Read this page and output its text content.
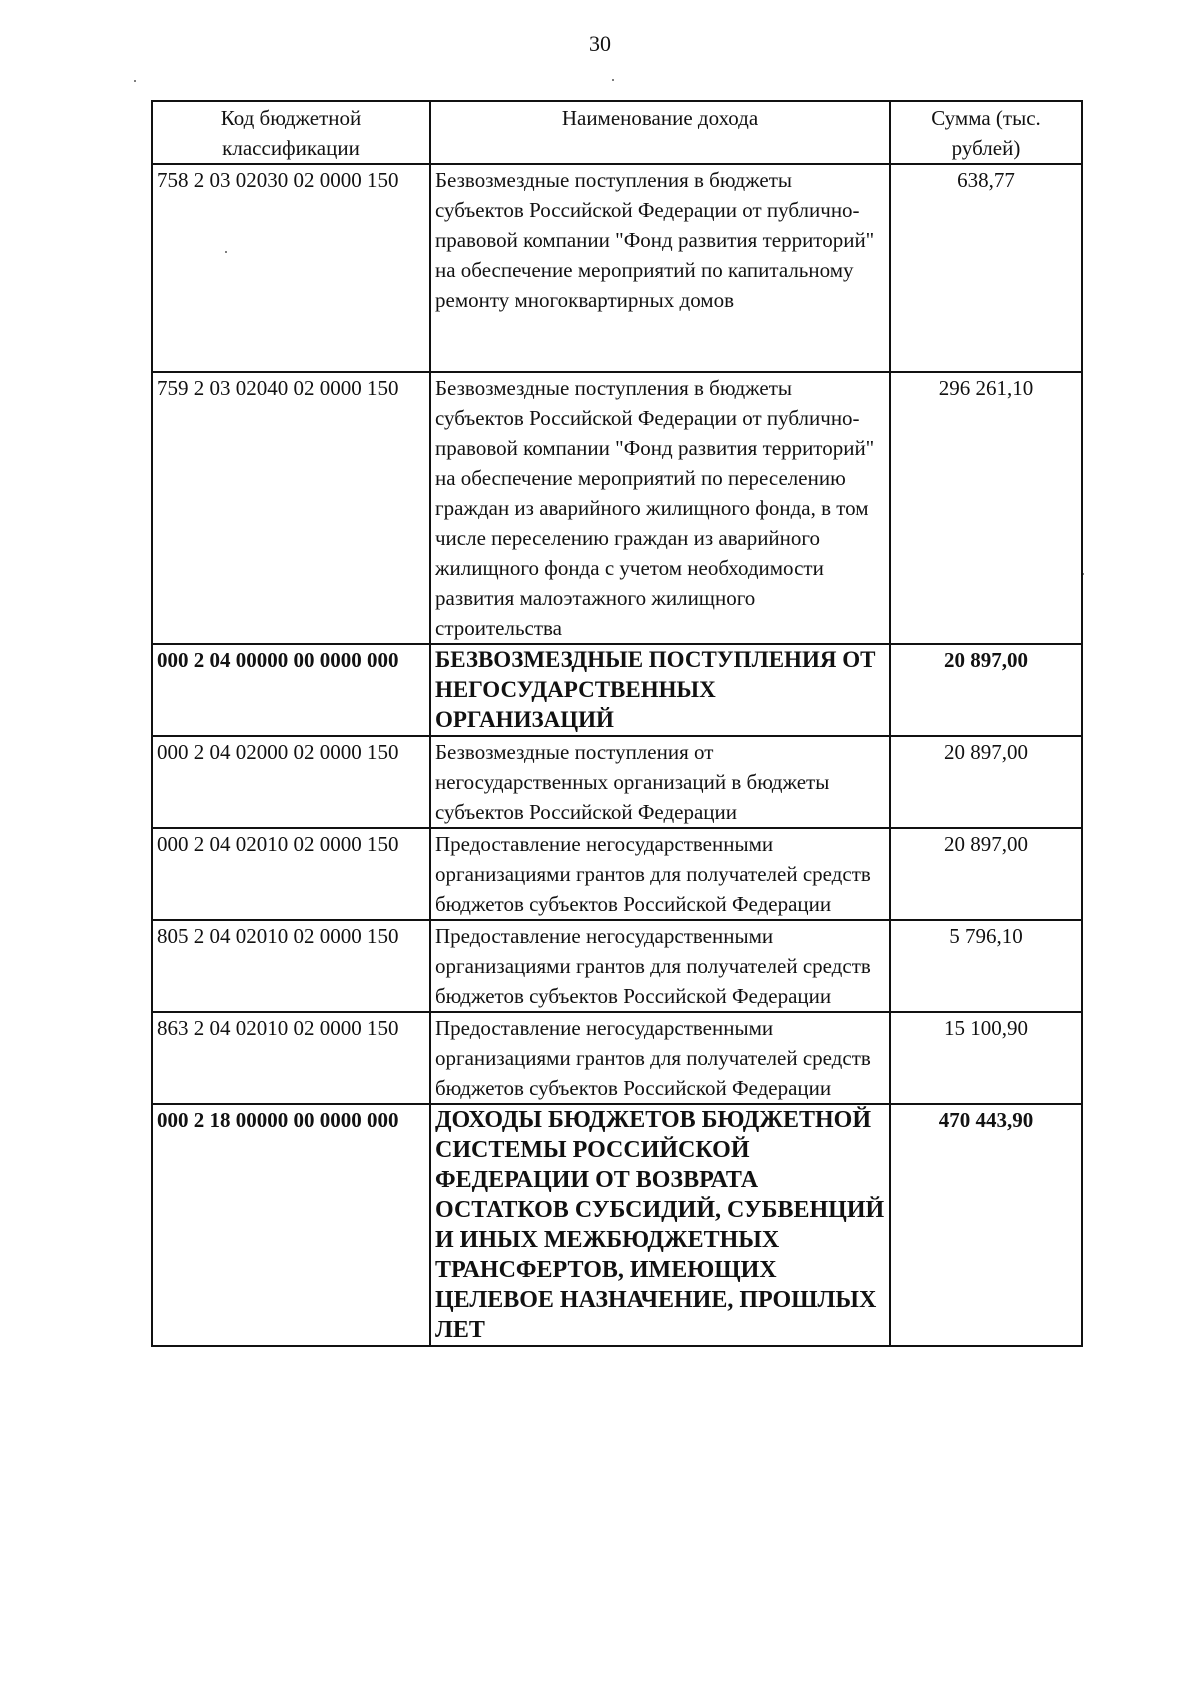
30
Код бюджетной классификации	Наименование дохода	Сумма (тыс. рублей)
758 2 03 02030 02 0000 150	Безвозмездные поступления в бюджеты субъектов Российской Федерации от публично-правовой компании "Фонд развития территорий" на обеспечение мероприятий по капитальному ремонту многоквартирных домов	638,77
759 2 03 02040 02 0000 150	Безвозмездные поступления в бюджеты субъектов Российской Федерации от публично-правовой компании "Фонд развития территорий" на обеспечение мероприятий по переселению граждан из аварийного жилищного фонда, в том числе переселению граждан из аварийного жилищного фонда с учетом необходимости развития малоэтажного жилищного строительства	296 261,10
000 2 04 00000 00 0000 000	БЕЗВОЗМЕЗДНЫЕ ПОСТУПЛЕНИЯ ОТ НЕГОСУДАРСТВЕННЫХ ОРГАНИЗАЦИЙ	20 897,00
000 2 04 02000 02 0000 150	Безвозмездные поступления от негосударственных организаций в бюджеты субъектов Российской Федерации	20 897,00
000 2 04 02010 02 0000 150	Предоставление негосударственными организациями грантов для получателей средств бюджетов субъектов Российской Федерации	20 897,00
805 2 04 02010 02 0000 150	Предоставление негосударственными организациями грантов для получателей средств бюджетов субъектов Российской Федерации	5 796,10
863 2 04 02010 02 0000 150	Предоставление негосударственными организациями грантов для получателей средств бюджетов субъектов Российской Федерации	15 100,90
000 2 18 00000 00 0000 000	ДОХОДЫ БЮДЖЕТОВ БЮДЖЕТНОЙ СИСТЕМЫ РОССИЙСКОЙ ФЕДЕРАЦИИ ОТ ВОЗВРАТА ОСТАТКОВ СУБСИДИЙ, СУБВЕНЦИЙ И ИНЫХ МЕЖБЮДЖЕТНЫХ ТРАНСФЕРТОВ, ИМЕЮЩИХ ЦЕЛЕВОЕ НАЗНАЧЕНИЕ, ПРОШЛЫХ ЛЕТ	470 443,90
